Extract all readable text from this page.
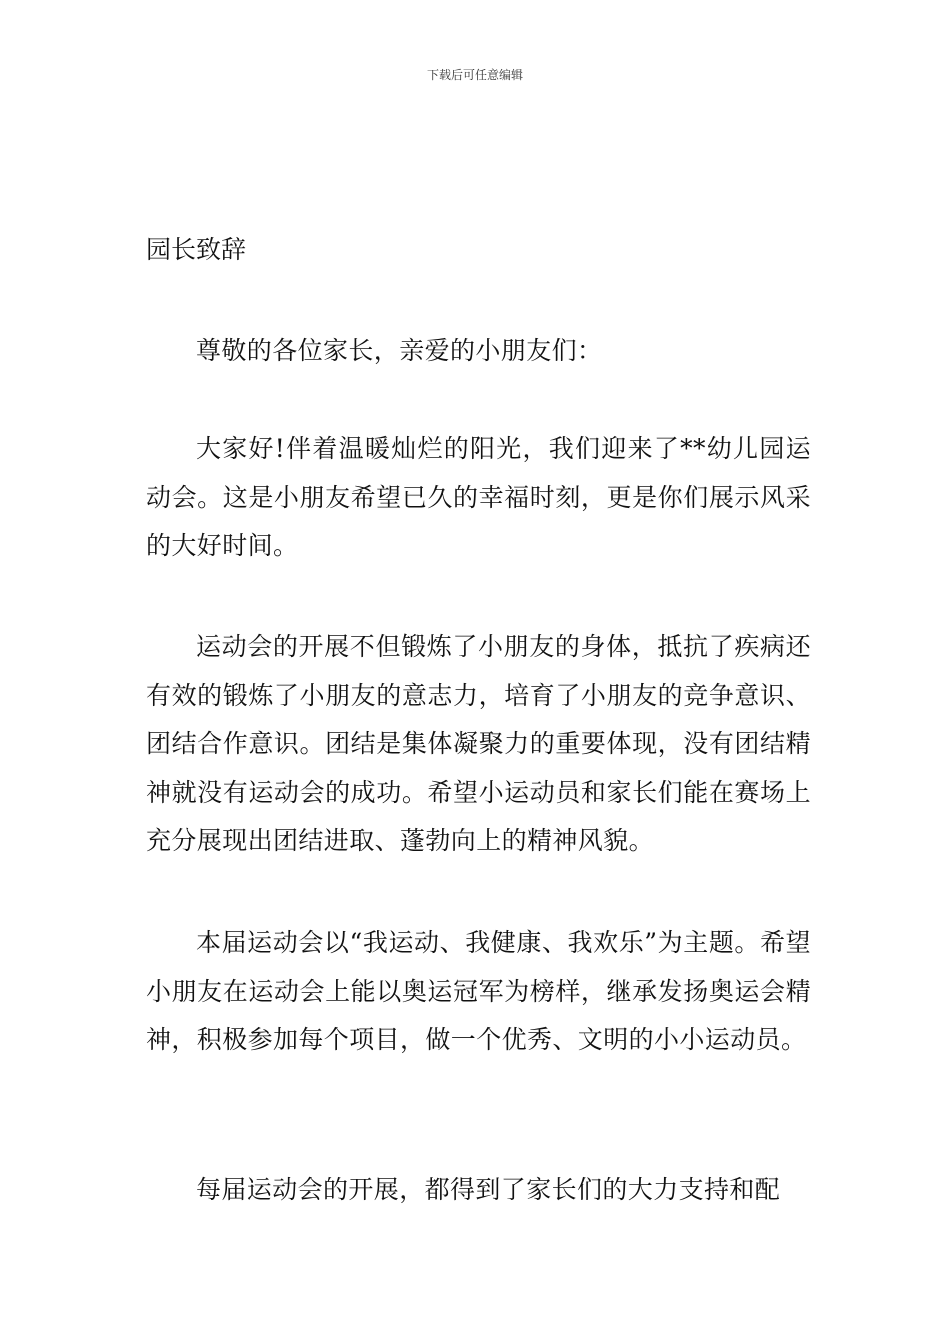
下载后可任意编辑
园长致辞

尊敬的各位家长，亲爱的小朋友们：

大家好!伴着温暖灿烂的阳光，我们迎来了**幼儿园运动会。这是小朋友希望已久的幸福时刻，更是你们展示风采的大好时间。

运动会的开展不但锻炼了小朋友的身体，抵抗了疾病还有效的锻炼了小朋友的意志力，培育了小朋友的竞争意识、团结合作意识。团结是集体凝聚力的重要体现，没有团结精神就没有运动会的成功。希望小运动员和家长们能在赛场上充分展现出团结进取、蓬勃向上的精神风貌。

本届运动会以“我运动、我健康、我欢乐”为主题。希望小朋友在运动会上能以奥运冠军为榜样，继承发扬奥运会精神，积极参加每个项目，做一个优秀、文明的小小运动员。

每届运动会的开展，都得到了家长们的大力支持和配
